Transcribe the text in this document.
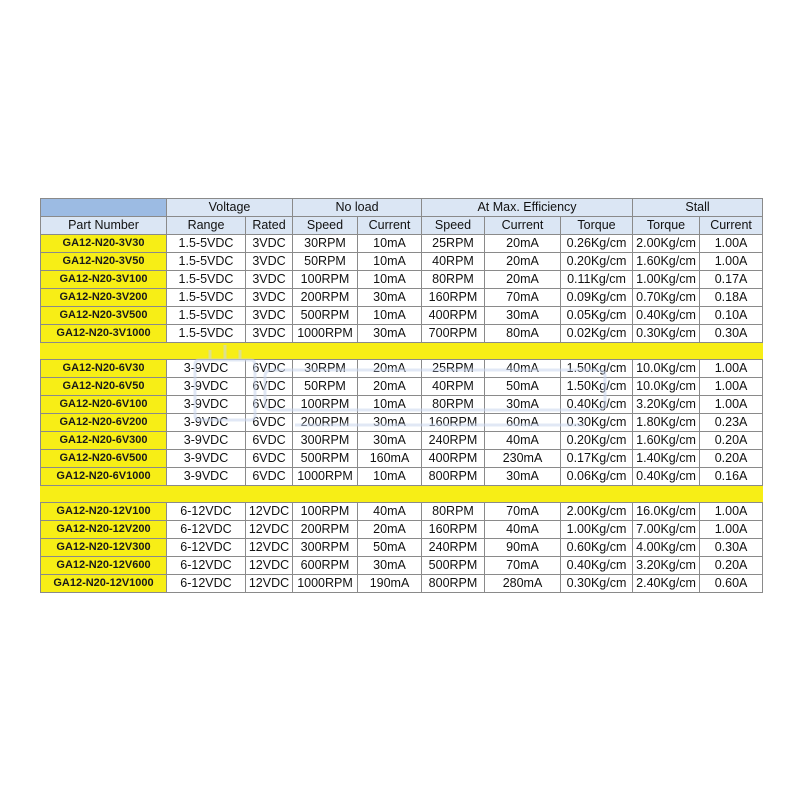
	Voltage		No load		At Max. Efficiency			Stall	
Part Number	Range	Rated	Speed	Current	Speed	Current	Torque	Torque	Current
GA12-N20-3V30	1.5-5VDC	3VDC	30RPM	10mA	25RPM	20mA	0.26Kg/cm	2.00Kg/cm	1.00A
GA12-N20-3V50	1.5-5VDC	3VDC	50RPM	10mA	40RPM	20mA	0.20Kg/cm	1.60Kg/cm	1.00A
GA12-N20-3V100	1.5-5VDC	3VDC	100RPM	10mA	80RPM	20mA	0.11Kg/cm	1.00Kg/cm	0.17A
GA12-N20-3V200	1.5-5VDC	3VDC	200RPM	30mA	160RPM	70mA	0.09Kg/cm	0.70Kg/cm	0.18A
GA12-N20-3V500	1.5-5VDC	3VDC	500RPM	10mA	400RPM	30mA	0.05Kg/cm	0.40Kg/cm	0.10A
GA12-N20-3V1000	1.5-5VDC	3VDC	1000RPM	30mA	700RPM	80mA	0.02Kg/cm	0.30Kg/cm	0.30A

GA12-N20-6V30	3-9VDC	6VDC	30RPM	20mA	25RPM	40mA	1.50Kg/cm	10.0Kg/cm	1.00A
GA12-N20-6V50	3-9VDC	6VDC	50RPM	20mA	40RPM	50mA	1.50Kg/cm	10.0Kg/cm	1.00A
GA12-N20-6V100	3-9VDC	6VDC	100RPM	10mA	80RPM	30mA	0.40Kg/cm	3.20Kg/cm	1.00A
GA12-N20-6V200	3-9VDC	6VDC	200RPM	30mA	160RPM	60mA	0.30Kg/cm	1.80Kg/cm	0.23A
GA12-N20-6V300	3-9VDC	6VDC	300RPM	30mA	240RPM	40mA	0.20Kg/cm	1.60Kg/cm	0.20A
GA12-N20-6V500	3-9VDC	6VDC	500RPM	160mA	400RPM	230mA	0.17Kg/cm	1.40Kg/cm	0.20A
GA12-N20-6V1000	3-9VDC	6VDC	1000RPM	10mA	800RPM	30mA	0.06Kg/cm	0.40Kg/cm	0.16A

GA12-N20-12V100	6-12VDC	12VDC	100RPM	40mA	80RPM	70mA	2.00Kg/cm	16.0Kg/cm	1.00A
GA12-N20-12V200	6-12VDC	12VDC	200RPM	20mA	160RPM	40mA	1.00Kg/cm	7.00Kg/cm	1.00A
GA12-N20-12V300	6-12VDC	12VDC	300RPM	50mA	240RPM	90mA	0.60Kg/cm	4.00Kg/cm	0.30A
GA12-N20-12V600	6-12VDC	12VDC	600RPM	30mA	500RPM	70mA	0.40Kg/cm	3.20Kg/cm	0.20A
GA12-N20-12V1000	6-12VDC	12VDC	1000RPM	190mA	800RPM	280mA	0.30Kg/cm	2.40Kg/cm	0.60A
